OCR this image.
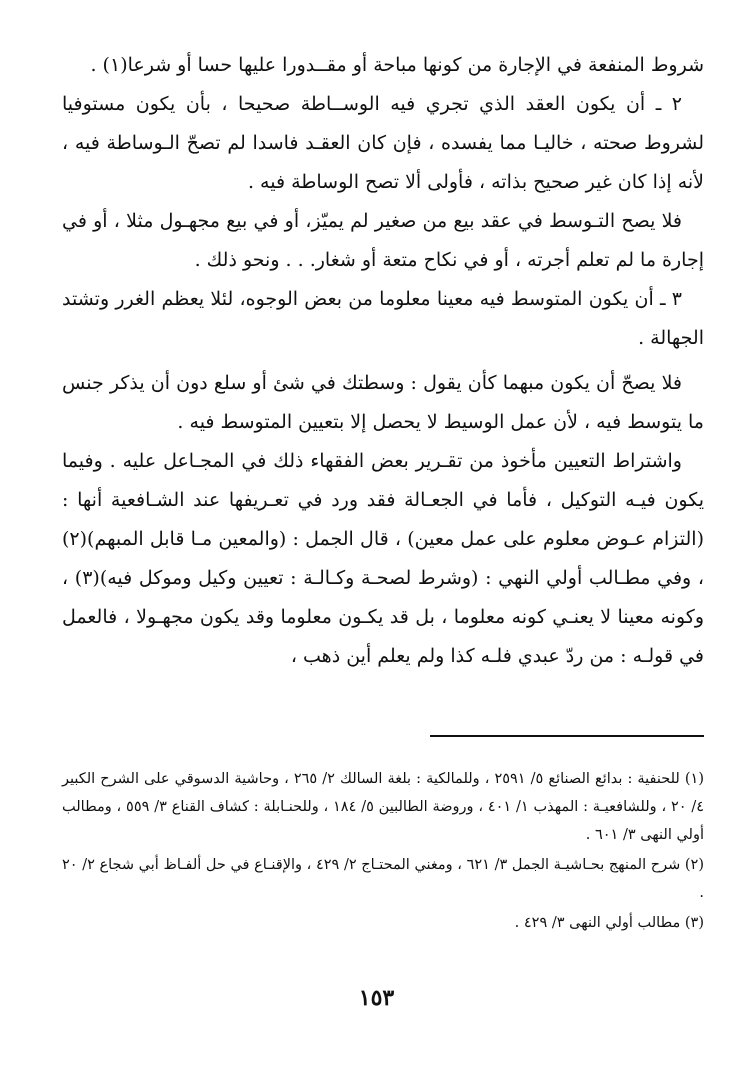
شروط المنفعة في الإجارة من كونها مباحة أو مقــدورا عليها حسا أو شرعا(١) .

٢ ـ أن يكون العقد الذي تجري فيه الوســاطة صحيحا ، بأن يكون مستوفيا لشروط صحته ، خاليـا مما يفسده ، فإن كان العقـد فاسدا لم تصحّ الـوساطة فيه ، لأنه إذا كان غير صحيح بذاته ، فأولى ألا تصح الوساطة فيه .

فلا يصح التـوسط في عقد بيع من صغير لم يميّز، أو في بيع مجهـول مثلا ، أو في إجارة ما لم تعلم أجرته ، أو في نكاح متعة أو شغار. . . ونحو ذلك .

٣ ـ أن يكون المتوسط فيه معينا معلوما من بعض الوجوه، لئلا يعظم الغرر وتشتد الجهالة .

فلا يصحّ أن يكون مبهما كأن يقول : وسطتك في شئ أو سلع دون أن يذكر جنس ما يتوسط فيه ، لأن عمل الوسيط لا يحصل إلا بتعيين المتوسط فيه .

واشتراط التعيين مأخوذ من تقـرير بعض الفقهاء ذلك في المجـاعل عليه . وفيما يكون فيـه التوكيل ، فأما في الجعـالة فقد ورد في تعـريفها عند الشـافعية أنها : (التزام عـوض معلوم على عمل معين) ، قال الجمل : (والمعين مـا قابل المبهم)(٢) ، وفي مطـالب أولي النهي : (وشرط لصحـة وكـالـة : تعيين وكيل وموكل فيه)(٣) ، وكونه معينا لا يعنـي كونه معلوما ، بل قد يكـون معلوما وقد يكون مجهـولا ، فالعمل في قولـه : من ردّ عبدي فلـه كذا ولم يعلم أين ذهب ،

(١) للحنفية : بدائع الصنائع ٥/ ٢٥٩١ ، وللمالكية : بلغة السالك ٢/ ٢٦٥ ، وحاشية الدسوقي على الشرح الكبير ٤/ ٢٠ ، وللشافعيـة : المهذب ١/ ٤٠١ ، وروضة الطالبين ٥/ ١٨٤ ، وللحنـابلة : كشاف القناع ٣/ ٥٥٩ ، ومطالب أولي النهى ٣/ ٦٠١ .

(٢) شرح المنهج بحـاشيـة الجمل ٣/ ٦٢١ ، ومغني المحتـاج ٢/ ٤٢٩ ، والإقنـاع في حل ألفـاظ أبي شجاع ٢/ ٢٠ .

(٣) مطالب أولي النهى ٣/ ٤٢٩ .

١٥٣
